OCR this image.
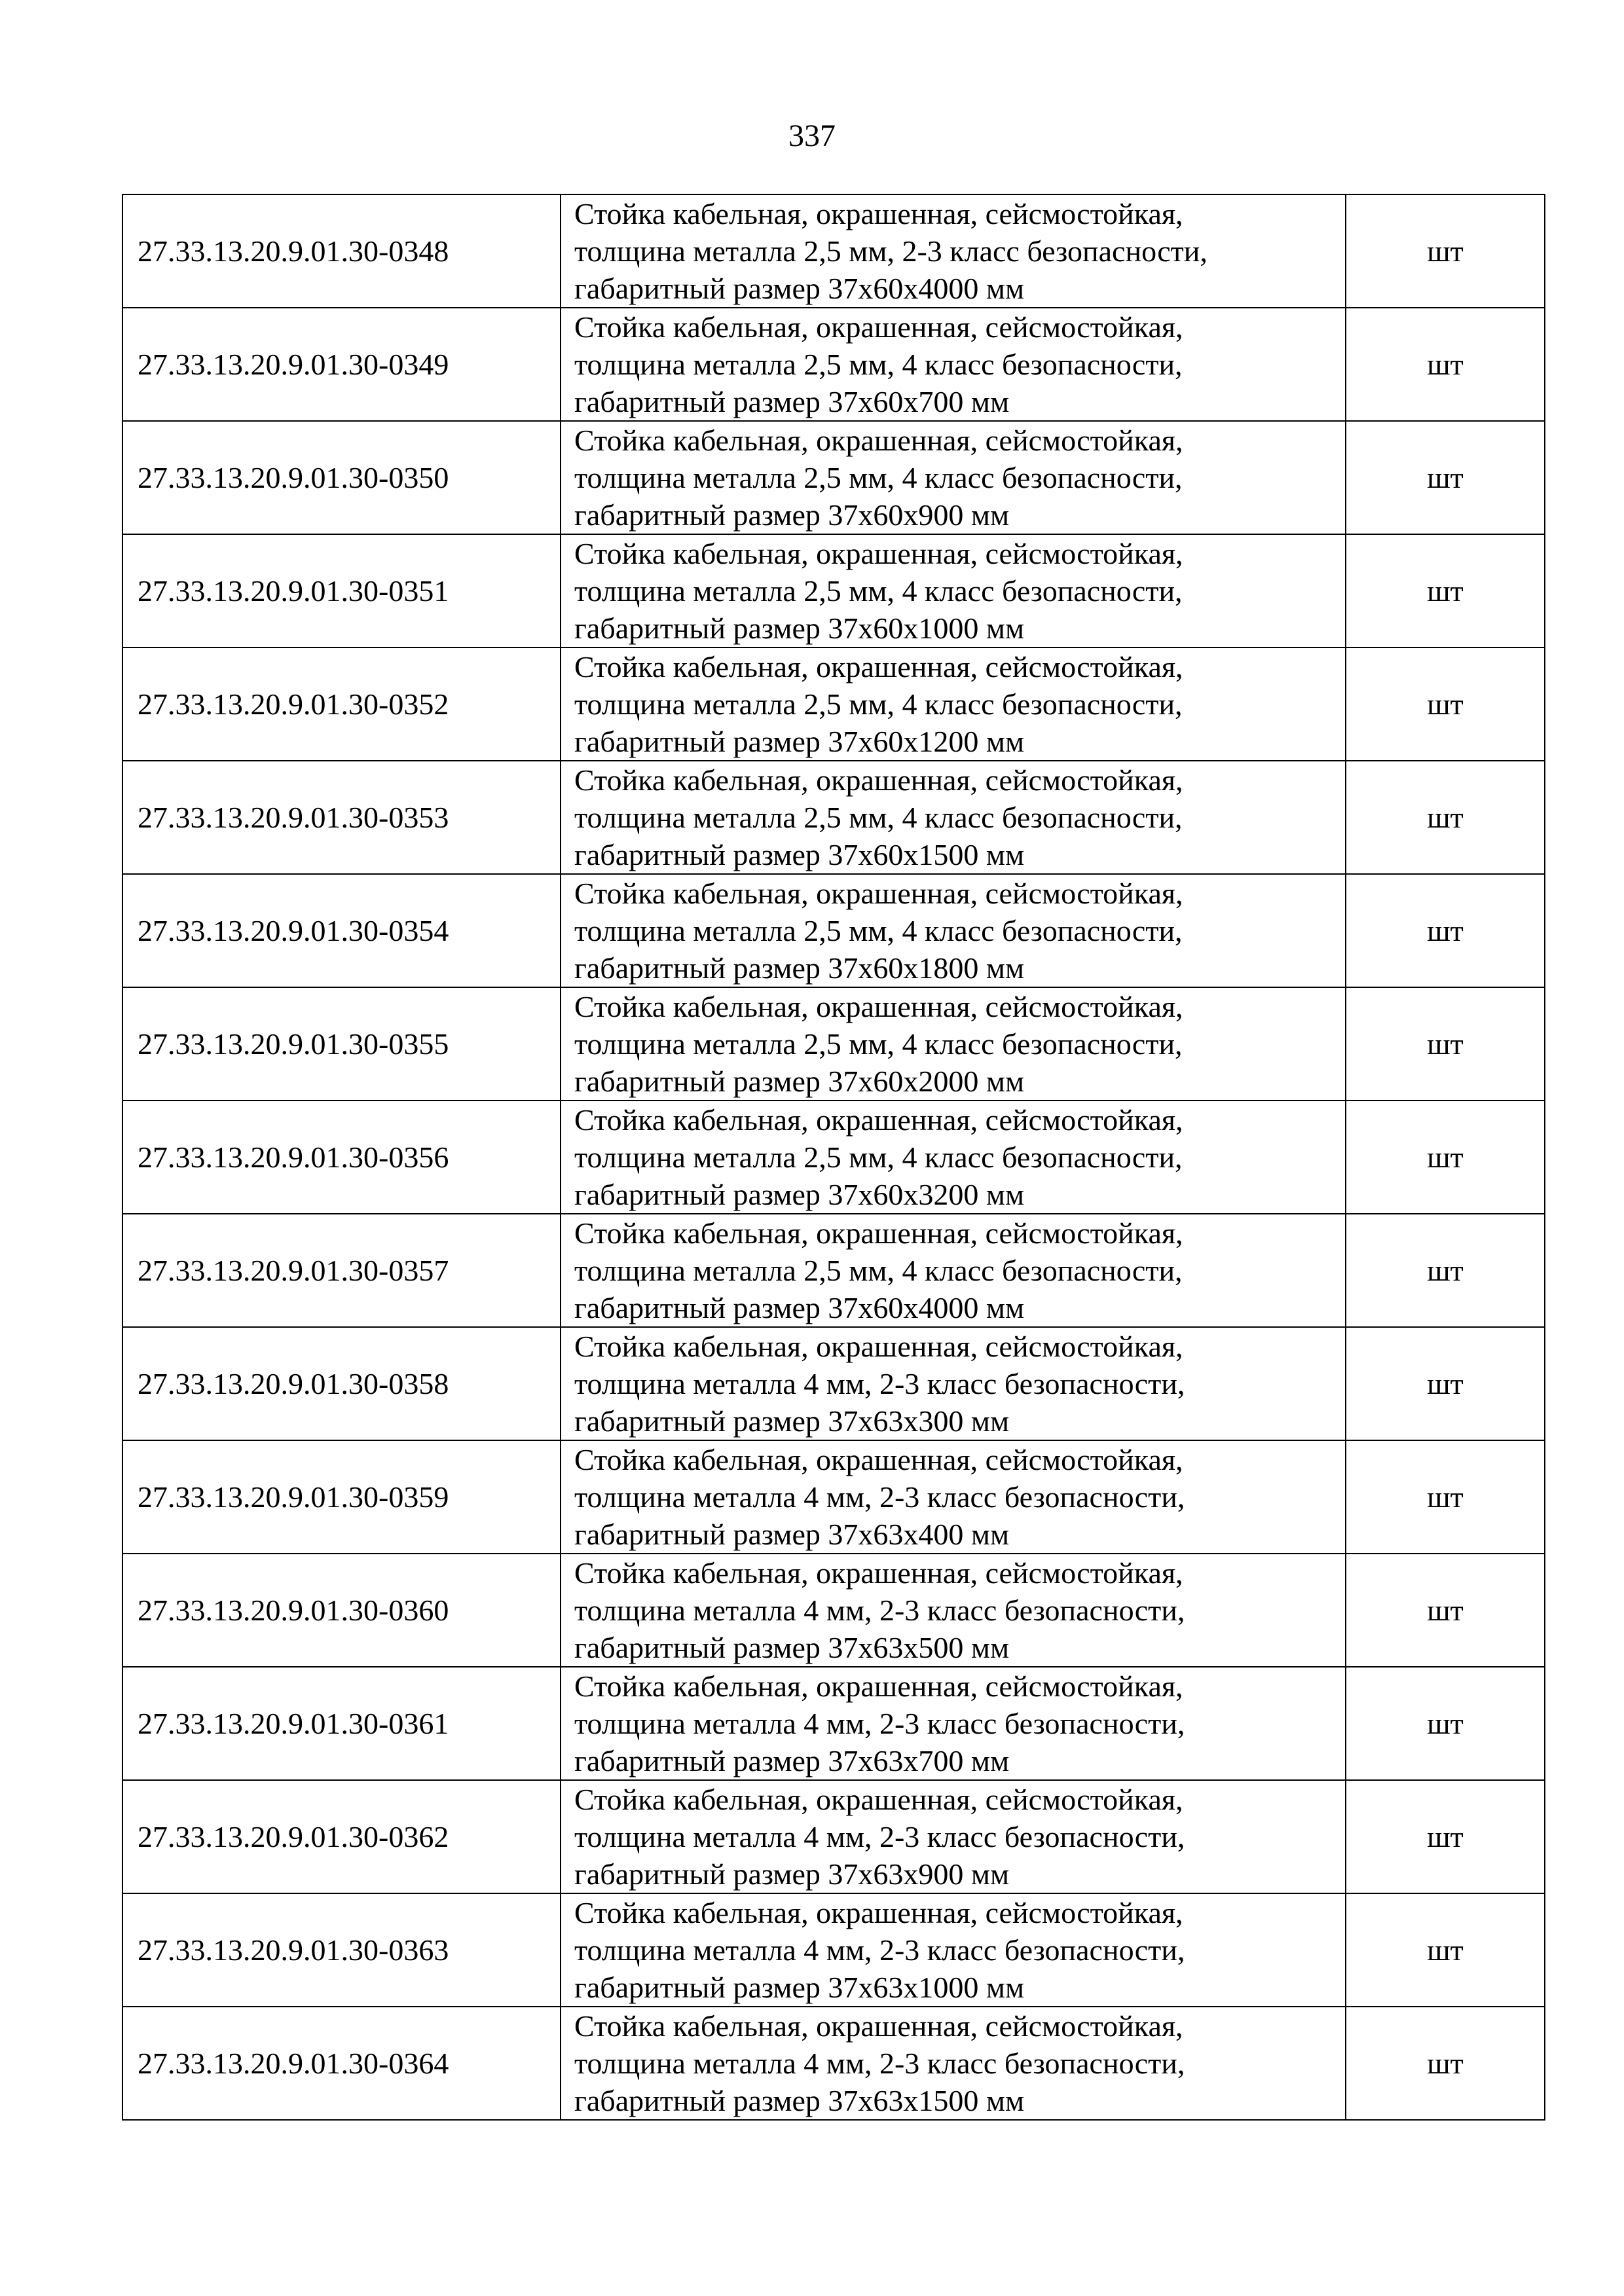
337
27.33.13.20.9.01.30-0348	Стойка кабельная, окрашенная, сейсмостойкая,
толщина металла 2,5 мм, 2-3 класс безопасности,
габаритный размер 37х60х4000 мм	шт
27.33.13.20.9.01.30-0349	Стойка кабельная, окрашенная, сейсмостойкая,
толщина металла 2,5 мм, 4 класс безопасности,
габаритный размер 37х60х700 мм	шт
27.33.13.20.9.01.30-0350	Стойка кабельная, окрашенная, сейсмостойкая,
толщина металла 2,5 мм, 4 класс безопасности,
габаритный размер 37х60х900 мм	шт
27.33.13.20.9.01.30-0351	Стойка кабельная, окрашенная, сейсмостойкая,
толщина металла 2,5 мм, 4 класс безопасности,
габаритный размер 37х60х1000 мм	шт
27.33.13.20.9.01.30-0352	Стойка кабельная, окрашенная, сейсмостойкая,
толщина металла 2,5 мм, 4 класс безопасности,
габаритный размер 37х60х1200 мм	шт
27.33.13.20.9.01.30-0353	Стойка кабельная, окрашенная, сейсмостойкая,
толщина металла 2,5 мм, 4 класс безопасности,
габаритный размер 37х60х1500 мм	шт
27.33.13.20.9.01.30-0354	Стойка кабельная, окрашенная, сейсмостойкая,
толщина металла 2,5 мм, 4 класс безопасности,
габаритный размер 37х60х1800 мм	шт
27.33.13.20.9.01.30-0355	Стойка кабельная, окрашенная, сейсмостойкая,
толщина металла 2,5 мм, 4 класс безопасности,
габаритный размер 37х60х2000 мм	шт
27.33.13.20.9.01.30-0356	Стойка кабельная, окрашенная, сейсмостойкая,
толщина металла 2,5 мм, 4 класс безопасности,
габаритный размер 37х60х3200 мм	шт
27.33.13.20.9.01.30-0357	Стойка кабельная, окрашенная, сейсмостойкая,
толщина металла 2,5 мм, 4 класс безопасности,
габаритный размер 37х60х4000 мм	шт
27.33.13.20.9.01.30-0358	Стойка кабельная, окрашенная, сейсмостойкая,
толщина металла 4 мм, 2-3 класс безопасности,
габаритный размер 37х63х300 мм	шт
27.33.13.20.9.01.30-0359	Стойка кабельная, окрашенная, сейсмостойкая,
толщина металла 4 мм, 2-3 класс безопасности,
габаритный размер 37х63х400 мм	шт
27.33.13.20.9.01.30-0360	Стойка кабельная, окрашенная, сейсмостойкая,
толщина металла 4 мм, 2-3 класс безопасности,
габаритный размер 37х63х500 мм	шт
27.33.13.20.9.01.30-0361	Стойка кабельная, окрашенная, сейсмостойкая,
толщина металла 4 мм, 2-3 класс безопасности,
габаритный размер 37х63х700 мм	шт
27.33.13.20.9.01.30-0362	Стойка кабельная, окрашенная, сейсмостойкая,
толщина металла 4 мм, 2-3 класс безопасности,
габаритный размер 37х63х900 мм	шт
27.33.13.20.9.01.30-0363	Стойка кабельная, окрашенная, сейсмостойкая,
толщина металла 4 мм, 2-3 класс безопасности,
габаритный размер 37х63х1000 мм	шт
27.33.13.20.9.01.30-0364	Стойка кабельная, окрашенная, сейсмостойкая,
толщина металла 4 мм, 2-3 класс безопасности,
габаритный размер 37х63х1500 мм	шт
